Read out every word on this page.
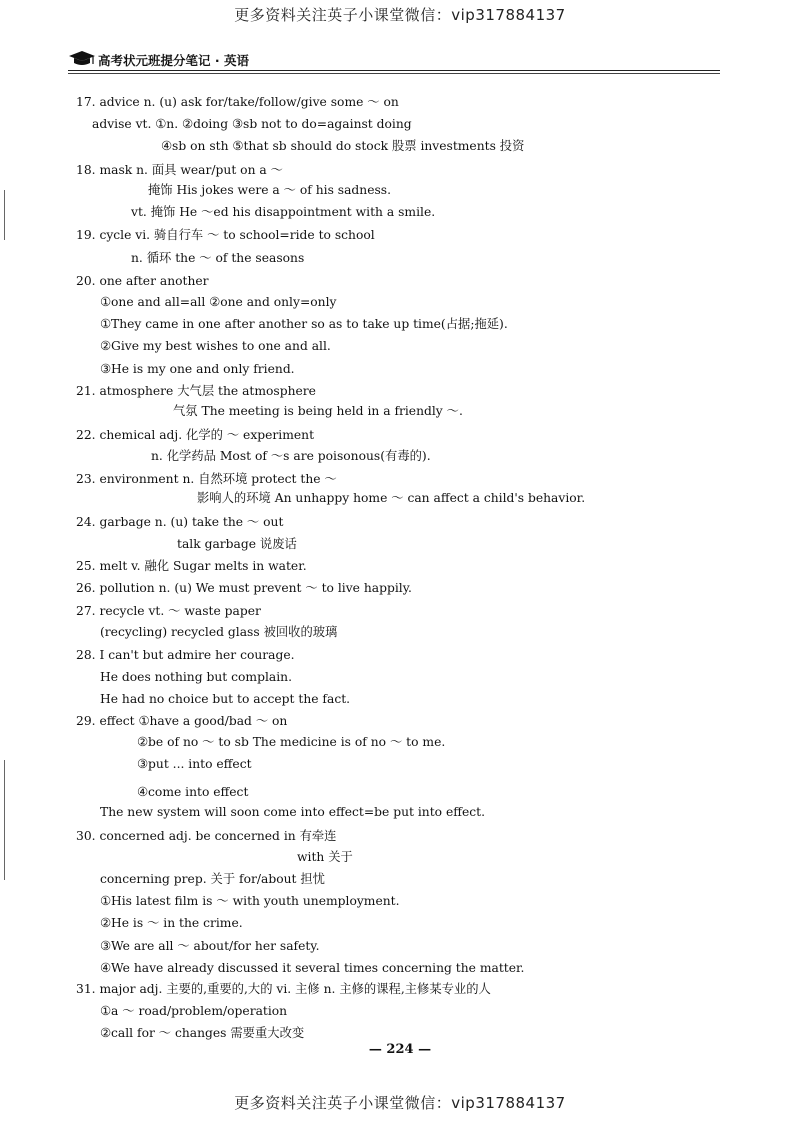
更多资料关注英子小课堂微信：vip317884137
高考状元班提分笔记 · 英语
17. advice n. (u) ask for/take/follow/give some ～ on
advise vt. ①n. ②doing ③sb not to do=against doing
④sb on sth ⑤that sb should do stock 股票 investments 投资
18. mask n. 面具 wear/put on a ～
掩饰 His jokes were a ～ of his sadness.
vt. 掩饰 He ～ed his disappointment with a smile.
19. cycle vi. 骑自行车 ～ to school=ride to school
n. 循环 the ～ of the seasons
20. one after another
①one and all=all ②one and only=only
①They came in one after another so as to take up time(占据;拖延).
②Give my best wishes to one and all.
③He is my one and only friend.
21. atmosphere 大气层 the atmosphere
气氛 The meeting is being held in a friendly ～.
22. chemical adj. 化学的 ～ experiment
n. 化学药品 Most of ～s are poisonous(有毒的).
23. environment n. 自然环境 protect the ～
影响人的环境 An unhappy home ～ can affect a child's behavior.
24. garbage n. (u) take the ～ out
talk garbage 说废话
25. melt v. 融化 Sugar melts in water.
26. pollution n. (u) We must prevent ～ to live happily.
27. recycle vt. ～ waste paper
(recycling) recycled glass 被回收的玻璃
28. I can't but admire her courage.
He does nothing but complain.
He had no choice but to accept the fact.
29. effect ①have a good/bad ～ on
②be of no ～ to sb The medicine is of no ～ to me.
③put ... into effect
④come into effect
The new system will soon come into effect=be put into effect.
30. concerned adj. be concerned in 有牵连
with 关于
concerning prep. 关于 for/about 担忧
①His latest film is ～ with youth unemployment.
②He is ～ in the crime.
③We are all ～ about/for her safety.
④We have already discussed it several times concerning the matter.
31. major adj. 主要的,重要的,大的 vi. 主修 n. 主修的课程,主修某专业的人
①a ～ road/problem/operation
②call for ～ changes 需要重大改变
— 224 —
更多资料关注英子小课堂微信：vip317884137
